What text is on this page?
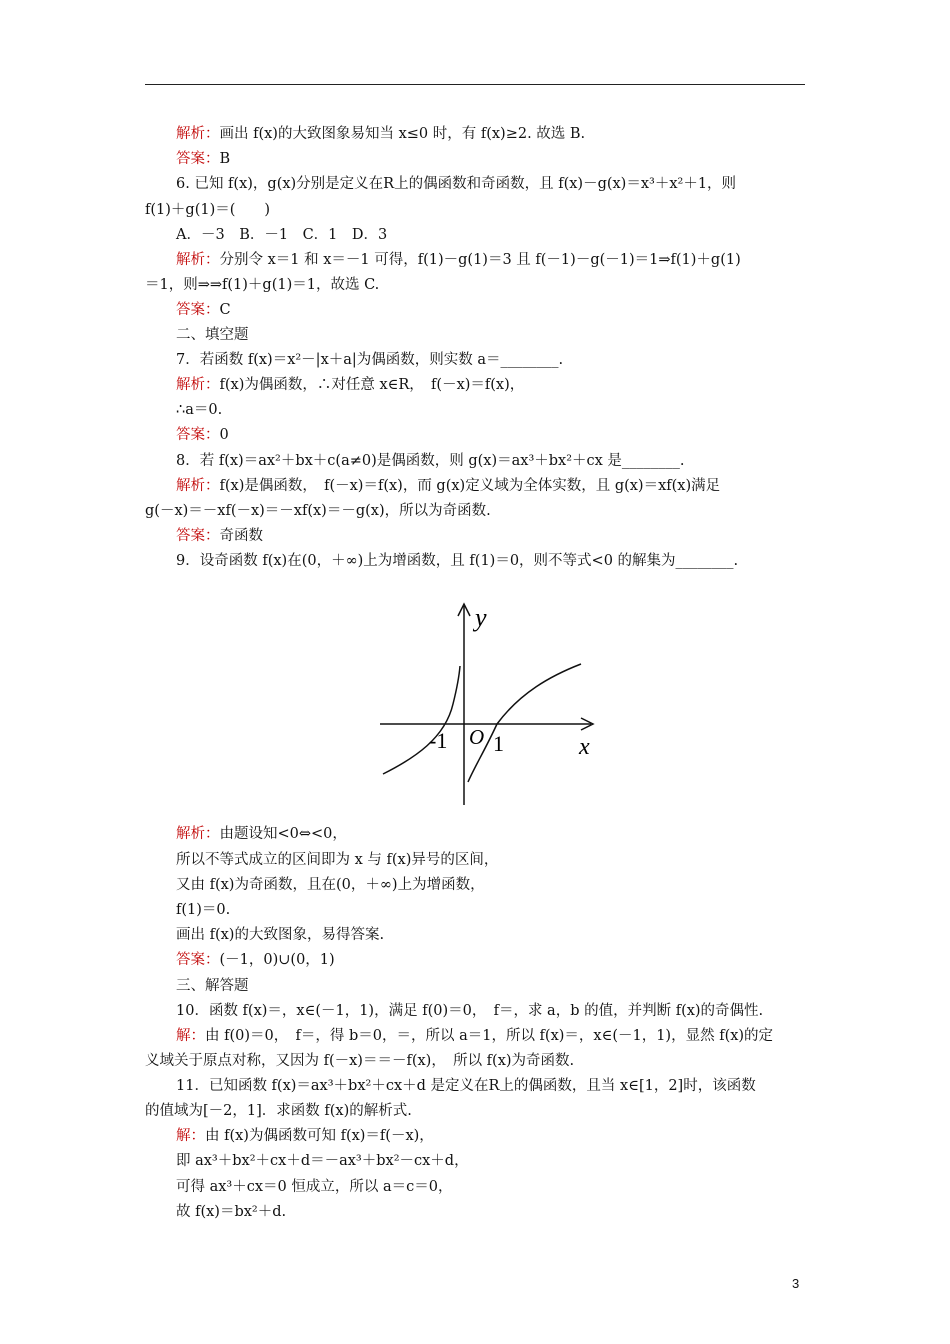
解析：画出 f(x)的大致图象易知当 x≤0 时，有 f(x)≥2. 故选 B.
答案：B
6. 已知 f(x)，g(x)分别是定义在R上的偶函数和奇函数，且 f(x)－g(x)＝x³＋x²＋1，则
f(1)＋g(1)＝(　　)
A．－3　B．－1　C．1　D．3
解析：分别令 x＝1 和 x＝－1 可得，f(1)－g(1)＝3 且 f(－1)－g(－1)＝1⇒f(1)＋g(1)
＝1，则⇒⇒f(1)＋g(1)＝1，故选 C.
答案：C
二、填空题
7．若函数 f(x)＝x²－|x＋a|为偶函数，则实数 a＝________.
解析：f(x)为偶函数，∴对任意 x∈R，　f(－x)＝f(x)，
∴a＝0.
答案：0
8．若 f(x)＝ax²＋bx＋c(a≠0)是偶函数，则 g(x)＝ax³＋bx²＋cx 是________.
解析：f(x)是偶函数，　f(－x)＝f(x)，而 g(x)定义域为全体实数，且 g(x)＝xf(x)满足
g(－x)＝－xf(－x)＝－xf(x)＝－g(x)，所以为奇函数.
答案：奇函数
9．设奇函数 f(x)在(0，＋∞)上为增函数，且 f(1)＝0，则不等式<0 的解集为________.
解析：由题设知<0⇔<0，
所以不等式成立的区间即为 x 与 f(x)异号的区间，
又由 f(x)为奇函数，且在(0，＋∞)上为增函数，
f(1)＝0.
画出 f(x)的大致图象，易得答案.
答案：(－1，0)∪(0，1)
三、解答题
10．函数 f(x)＝，x∈(－1，1)，满足 f(0)＝0，　f＝，求 a，b 的值，并判断 f(x)的奇偶性.
解：由 f(0)＝0，　f＝，得 b＝0，＝，所以 a＝1，所以 f(x)＝，x∈(－1，1)，显然 f(x)的定
义域关于原点对称，又因为 f(－x)＝＝－f(x)，　所以 f(x)为奇函数.
11．已知函数 f(x)＝ax³＋bx²＋cx＋d 是定义在R上的偶函数，且当 x∈[1，2]时，该函数
的值域为[－2，1]．求函数 f(x)的解析式.
解：由 f(x)为偶函数可知 f(x)＝f(－x)，
即 ax³＋bx²＋cx＋d＝－ax³＋bx²－cx＋d，
可得 ax³＋cx＝0 恒成立，所以 a＝c＝0，
故 f(x)＝bx²＋d.
y
x
-1 O 1
3
